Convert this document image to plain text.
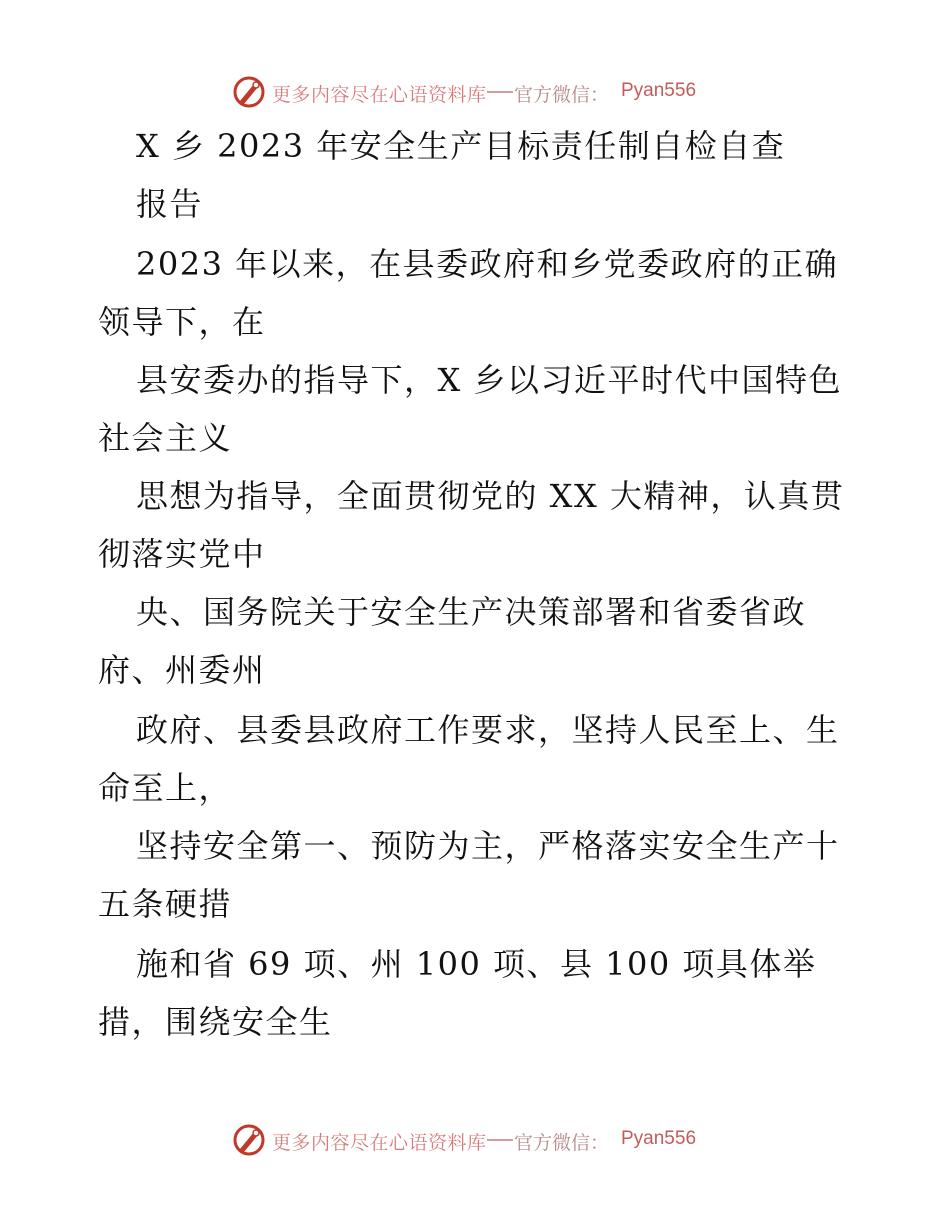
更多内容尽在心语资料库 官方微信： Pyan556
X 乡 2023 年安全生产目标责任制自检自查
报告
2023 年以来，在县委政府和乡党委政府的正确
领导下，在
县安委办的指导下，X 乡以习近平时代中国特色
社会主义
思想为指导，全面贯彻党的 XX 大精神，认真贯
彻落实党中
央、国务院关于安全生产决策部署和省委省政
府、州委州
政府、县委县政府工作要求，坚持人民至上、生
命至上，
坚持安全第一、预防为主，严格落实安全生产十
五条硬措
施和省 69 项、州 100 项、县 100 项具体举
措，围绕安全生
更多内容尽在心语资料库 官方微信： Pyan556
